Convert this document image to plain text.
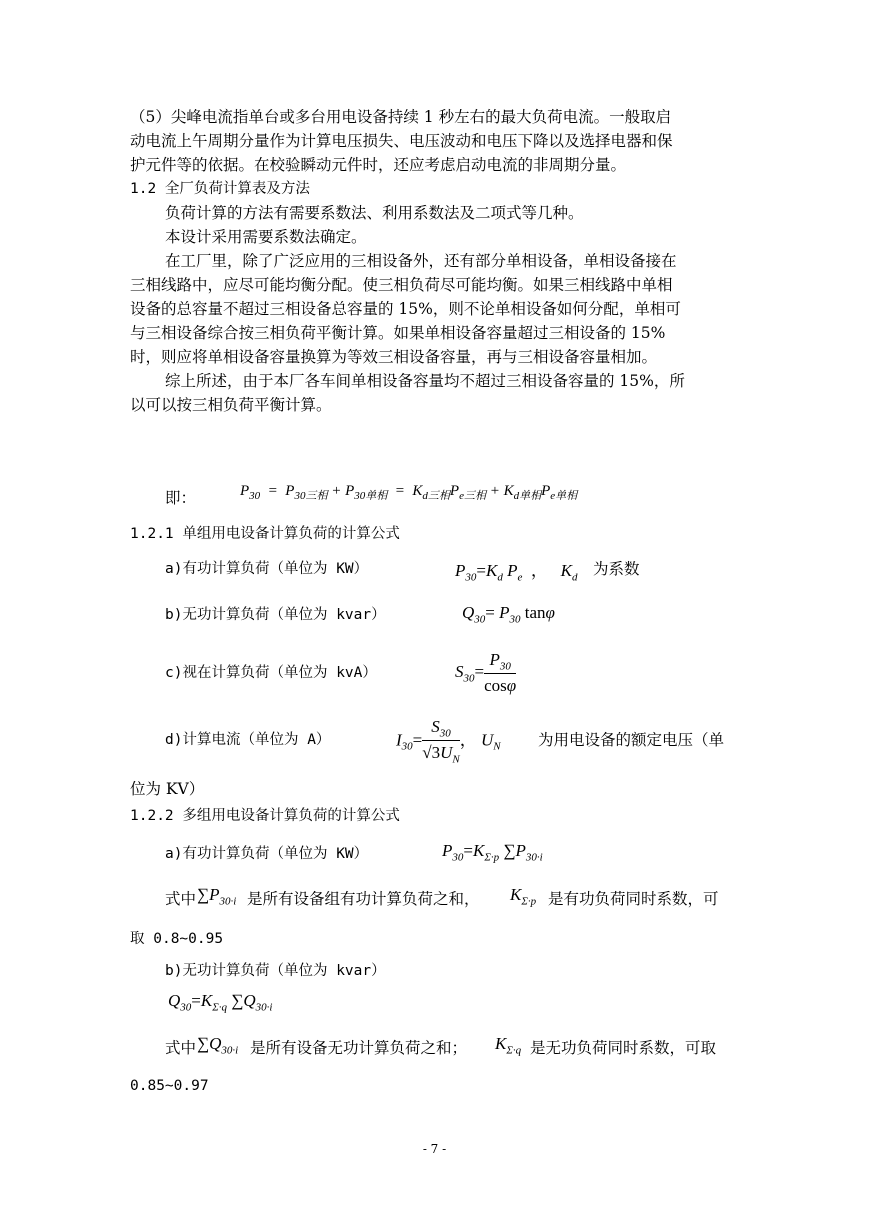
（5）尖峰电流指单台或多台用电设备持续 1 秒左右的最大负荷电流。一般取启
动电流上午周期分量作为计算电压损失、电压波动和电压下降以及选择电器和保
护元件等的依据。在校验瞬动元件时，还应考虑启动电流的非周期分量。
1.2 全厂负荷计算表及方法
负荷计算的方法有需要系数法、利用系数法及二项式等几种。
本设计采用需要系数法确定。
在工厂里，除了广泛应用的三相设备外，还有部分单相设备，单相设备接在
三相线路中，应尽可能均衡分配。使三相负荷尽可能均衡。如果三相线路中单相
设备的总容量不超过三相设备总容量的 15%，则不论单相设备如何分配，单相可
与三相设备综合按三相负荷平衡计算。如果单相设备容量超过三相设备的 15%
时，则应将单相设备容量换算为等效三相设备容量，再与三相设备容量相加。
综上所述，由于本厂各车间单相设备容量均不超过三相设备容量的 15%，所
以可以按三相负荷平衡计算。
即：	$P_{30} = P_{30三相} + P_{30单相} = K_{d三相}P_{e三相} + K_{d单相}P_{e单相}$
1.2.1 单组用电设备计算负荷的计算公式
a)有功计算负荷（单位为 KW）	$P_{30}=K_d$ $P_e$  ，   $K_d$ 为系数
b)无功计算负荷（单位为 kvar）	$Q_{30}= P_{30}$ tanφ
c)视在计算负荷（单位为 kvA）	$S_{30}= \frac{P_{30}}{\cos\varphi}$
d)计算电流（单位为 A）	$I_{30}= \frac{S_{30}}{√3U_N}$ ， $U_N$ 为用电设备的额定电压（单
位为 KV）
1.2.2 多组用电设备计算负荷的计算公式
a)有功计算负荷（单位为 KW）	$P_{30}=K_{\Sigma\cdot p}$ $\sum P_{30\cdot i}$
式中 $\sum P_{30\cdot i}$ 是所有设备组有功计算负荷之和， $K_{\Sigma\cdot p}$ 是有功负荷同时系数，可
取 0.8~0.95
b)无功计算负荷（单位为 kvar）
$Q_{30}=K_{\Sigma\cdot q}$ $\sum Q_{30\cdot i}$
式中 $\sum Q_{30\cdot i}$ 是所有设备无功计算负荷之和； $K_{\Sigma\cdot q}$ 是无功负荷同时系数，可取
0.85~0.97
- 7 -
